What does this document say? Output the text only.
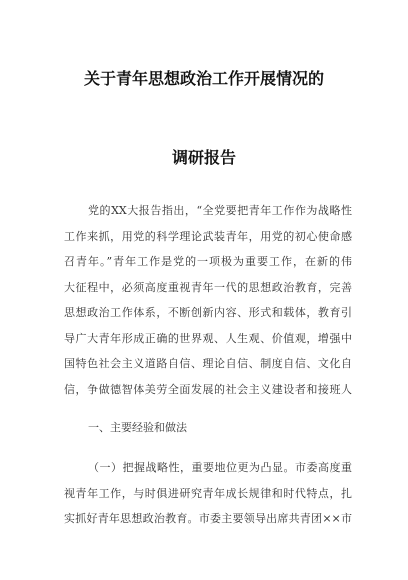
关于青年思想政治工作开展情况的
调研报告
党的XX大报告指出，“全党要把青年工作作为战略性
工作来抓，用党的科学理论武装青年，用党的初心使命感
召青年。”青年工作是党的一项极为重要工作，在新的伟
大征程中，必须高度重视青年一代的思想政治教育，完善
思想政治工作体系，不断创新内容、形式和载体，教育引
导广大青年形成正确的世界观、人生观、价值观，增强中
国特色社会主义道路自信、理论自信、制度自信、文化自
信，争做德智体美劳全面发展的社会主义建设者和接班人
一、主要经验和做法
（一）把握战略性，重要地位更为凸显。市委高度重
视青年工作，与时俱进研究青年成长规律和时代特点，扎
实抓好青年思想政治教育。市委主要领导出席共青团××市
